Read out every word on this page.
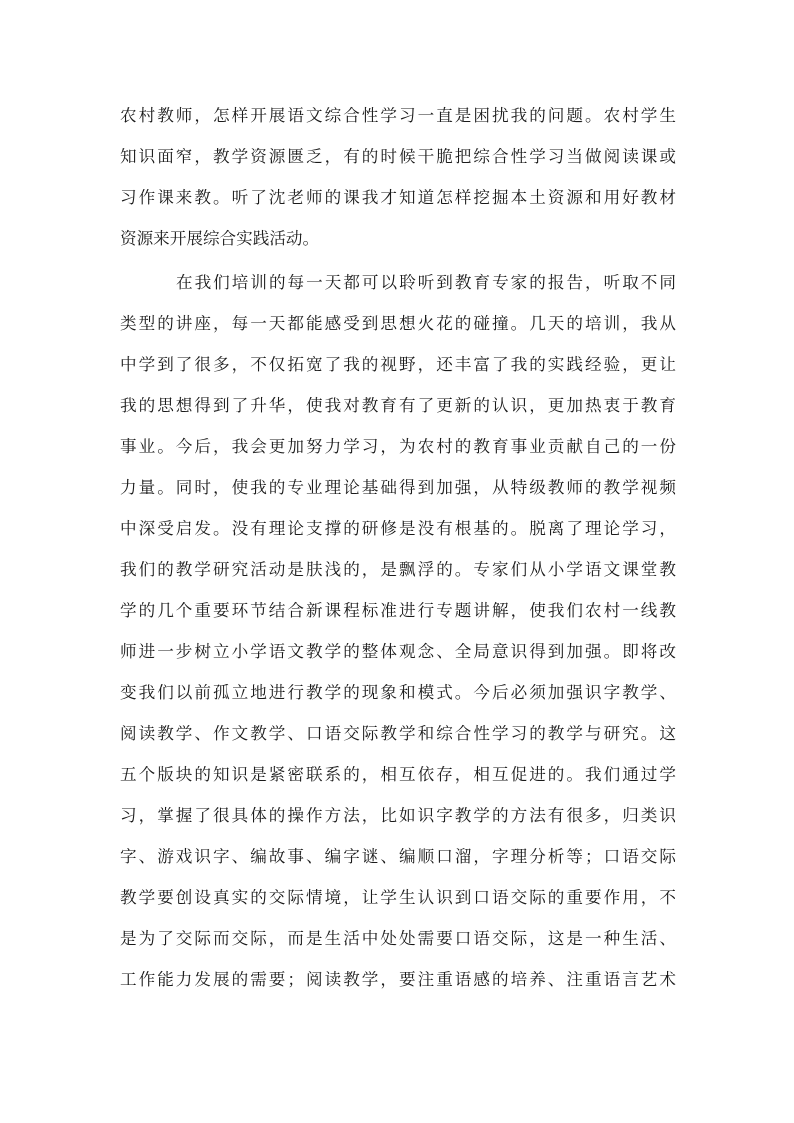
农村教师，怎样开展语文综合性学习一直是困扰我的问题。农村学生
知识面窄，教学资源匮乏，有的时候干脆把综合性学习当做阅读课或
习作课来教。听了沈老师的课我才知道怎样挖掘本土资源和用好教材
资源来开展综合实践活动。
在我们培训的每一天都可以聆听到教育专家的报告，听取不同
类型的讲座，每一天都能感受到思想火花的碰撞。几天的培训，我从
中学到了很多，不仅拓宽了我的视野，还丰富了我的实践经验，更让
我的思想得到了升华，使我对教育有了更新的认识，更加热衷于教育
事业。今后，我会更加努力学习，为农村的教育事业贡献自己的一份
力量。同时，使我的专业理论基础得到加强，从特级教师的教学视频
中深受启发。没有理论支撑的研修是没有根基的。脱离了理论学习，
我们的教学研究活动是肤浅的，是飘浮的。专家们从小学语文课堂教
学的几个重要环节结合新课程标准进行专题讲解，使我们农村一线教
师进一步树立小学语文教学的整体观念、全局意识得到加强。即将改
变我们以前孤立地进行教学的现象和模式。今后必须加强识字教学、
阅读教学、作文教学、口语交际教学和综合性学习的教学与研究。这
五个版块的知识是紧密联系的，相互依存，相互促进的。我们通过学
习，掌握了很具体的操作方法，比如识字教学的方法有很多，归类识
字、游戏识字、编故事、编字谜、编顺口溜，字理分析等；口语交际
教学要创设真实的交际情境，让学生认识到口语交际的重要作用，不
是为了交际而交际，而是生活中处处需要口语交际，这是一种生活、
工作能力发展的需要；阅读教学，要注重语感的培养、注重语言艺术
